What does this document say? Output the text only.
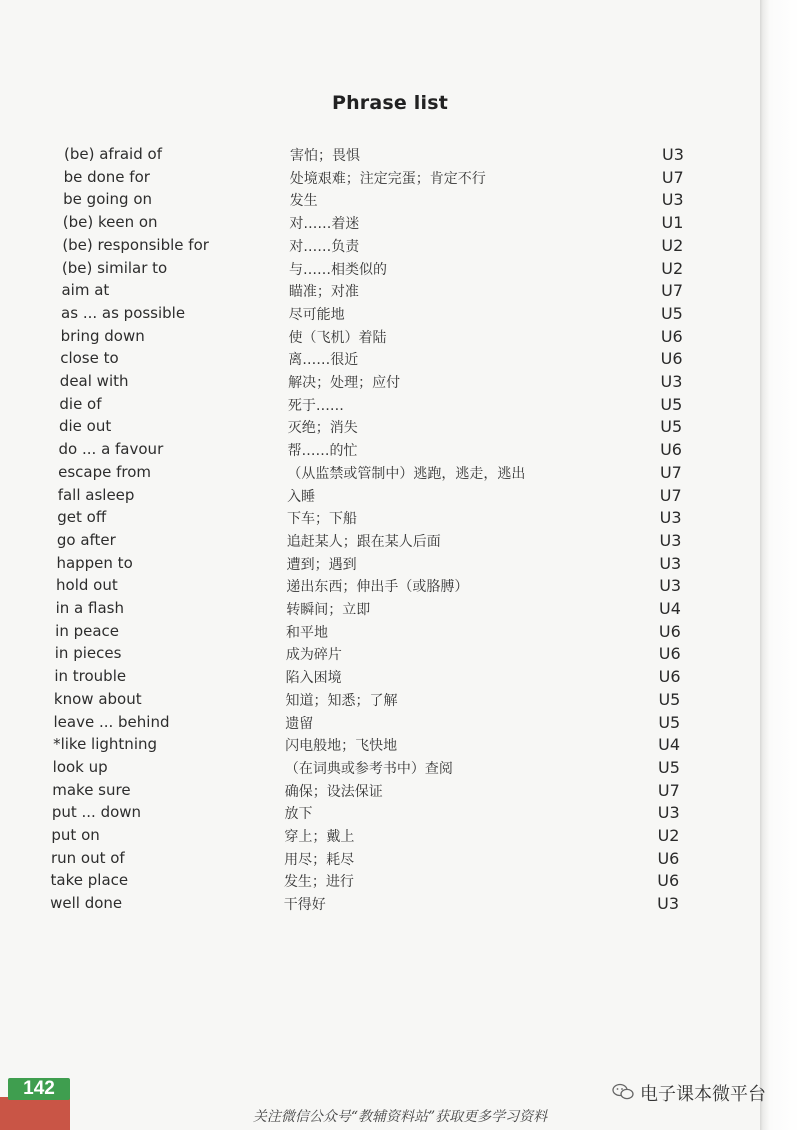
Phrase list
(be) afraid of	害怕；畏惧	U3
be done for	处境艰难；注定完蛋；肯定不行	U7
be going on	发生	U3
(be) keen on	对……着迷	U1
(be) responsible for	对……负责	U2
(be) similar to	与……相类似的	U2
aim at	瞄准；对准	U7
as ... as possible	尽可能地	U5
bring down	使（飞机）着陆	U6
close to	离……很近	U6
deal with	解决；处理；应付	U3
die of	死于……	U5
die out	灭绝；消失	U5
do ... a favour	帮……的忙	U6
escape from	（从监禁或管制中）逃跑，逃走，逃出	U7
fall asleep	入睡	U7
get off	下车；下船	U3
go after	追赶某人；跟在某人后面	U3
happen to	遭到；遇到	U3
hold out	递出东西；伸出手（或胳膊）	U3
in a flash	转瞬间；立即	U4
in peace	和平地	U6
in pieces	成为碎片	U6
in trouble	陷入困境	U6
know about	知道；知悉；了解	U5
leave ... behind	遗留	U5
*like lightning	闪电般地；飞快地	U4
look up	（在词典或参考书中）查阅	U5
make sure	确保；设法保证	U7
put ... down	放下	U3
put on	穿上；戴上	U2
run out of	用尽；耗尽	U6
take place	发生；进行	U6
well done	干得好	U3
142	电子课本微平台
关注微信公众号“教辅资料站”获取更多学习资料
